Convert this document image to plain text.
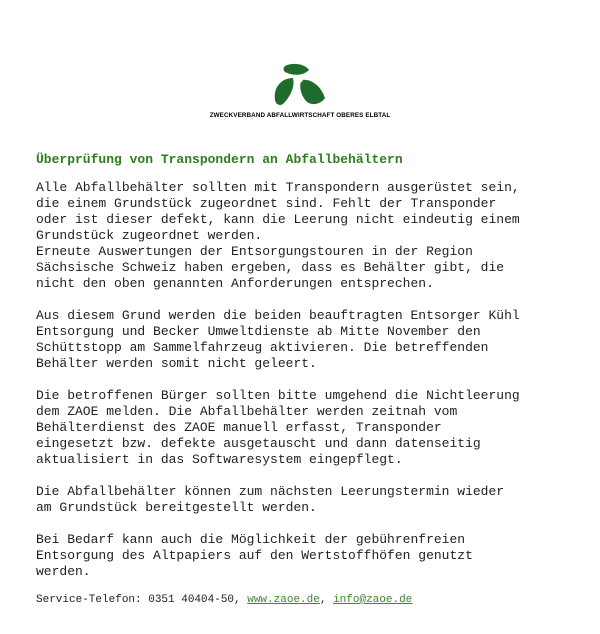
ZWECKVERBAND ABFALLWIRTSCHAFT OBERES ELBTAL
Überprüfung von Transpondern an Abfallbehältern

Alle Abfallbehälter sollten mit Transpondern ausgerüstet sein,
die einem Grundstück zugeordnet sind. Fehlt der Transponder
oder ist dieser defekt, kann die Leerung nicht eindeutig einem
Grundstück zugeordnet werden.
Erneute Auswertungen der Entsorgungstouren in der Region
Sächsische Schweiz haben ergeben, dass es Behälter gibt, die
nicht den oben genannten Anforderungen entsprechen.

Aus diesem Grund werden die beiden beauftragten Entsorger Kühl
Entsorgung und Becker Umweltdienste ab Mitte November den
Schüttstopp am Sammelfahrzeug aktivieren. Die betreffenden
Behälter werden somit nicht geleert.

Die betroffenen Bürger sollten bitte umgehend die Nichtleerung
dem ZAOE melden. Die Abfallbehälter werden zeitnah vom
Behälterdienst des ZAOE manuell erfasst, Transponder
eingesetzt bzw. defekte ausgetauscht und dann datenseitig
aktualisiert in das Softwaresystem eingepflegt.

Die Abfallbehälter können zum nächsten Leerungstermin wieder
am Grundstück bereitgestellt werden.

Bei Bedarf kann auch die Möglichkeit der gebührenfreien
Entsorgung des Altpapiers auf den Wertstoffhöfen genutzt
werden.

Service-Telefon: 0351 40404-50, www.zaoe.de, info@zaoe.de
